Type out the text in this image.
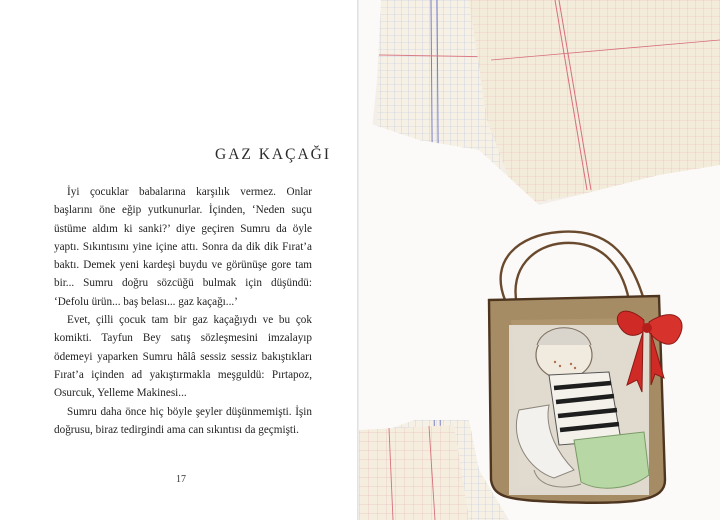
GAZ KAÇAĞI

İyi çocuklar babalarına karşılık vermez. Onlar başlarını öne eğip yutkunurlar. İçinden, ‘Neden suçu üstüme aldım ki sanki?’ diye geçiren Sumru da öyle yaptı. Sıkıntısını yine içine attı. Sonra da dik dik Fırat’a baktı. Demek yeni kardeşi buydu ve görünüşe gore tam bir... Sumru doğru sözcüğü bulmak için düşündü: ‘Defolu ürün... baş belası... gaz kaçağı...’

Evet, çilli çocuk tam bir gaz kaçağıydı ve bu çok komikti. Tayfun Bey satış sözleşmesini imzalayıp ödemeyi yaparken Sumru hâlâ sessiz sessiz bakıştıkları Fırat’a içinden ad yakıştırmakla meşguldü: Pırtapoz, Osurcuk, Yelleme Makinesi...

Sumru daha önce hiç böyle şeyler düşünmemişti. İşin doğrusu, biraz tedirgindi ama can sıkıntısı da geçmişti.

17
